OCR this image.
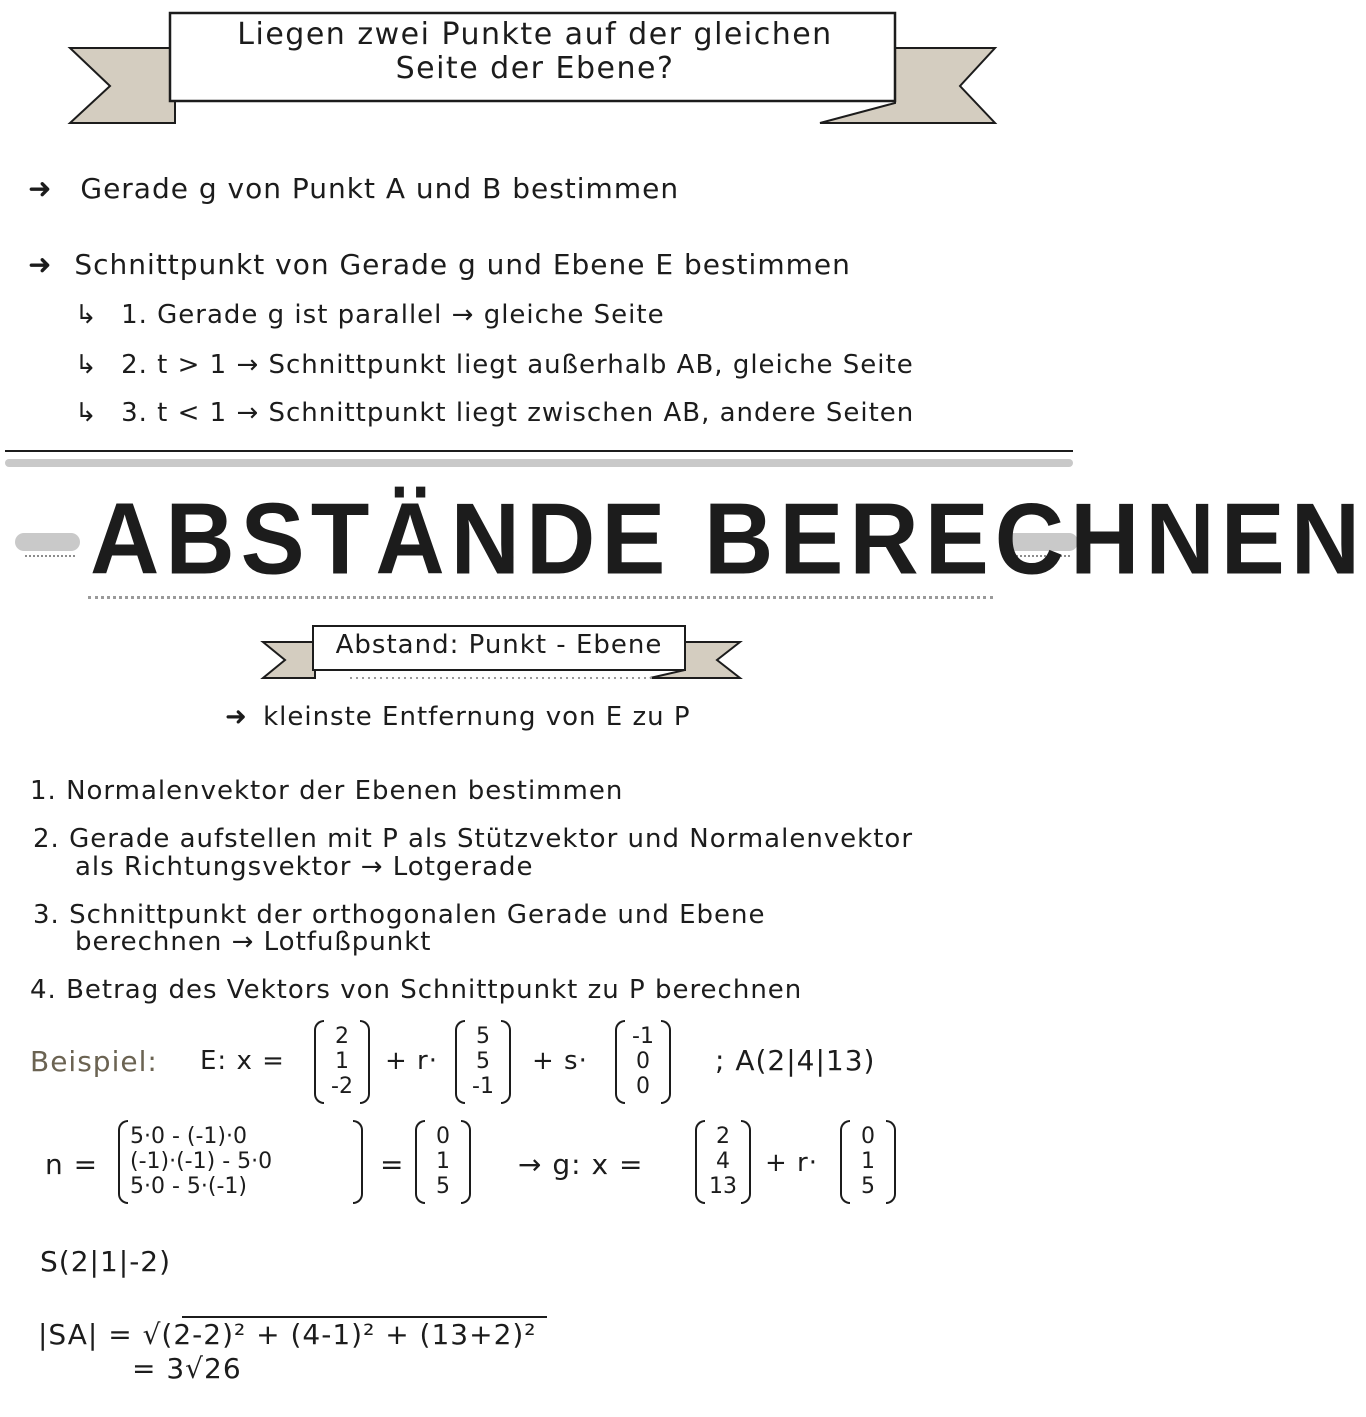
Liegen zwei Punkte auf der gleichen
Seite der Ebene?
➜ Gerade g von Punkt A und B bestimmen
➜ Schnittpunkt von Gerade g und Ebene E bestimmen
↳ 1. Gerade g ist parallel → gleiche Seite
↳ 2. t > 1 → Schnittpunkt liegt außerhalb AB, gleiche Seite
↳ 3. t < 1 → Schnittpunkt liegt zwischen AB, andere Seiten
ABSTÄNDE BERECHNEN
Abstand: Punkt - Ebene
➜ kleinste Entfernung von E zu P
1. Normalenvektor der Ebenen bestimmen
2. Gerade aufstellen mit P als Stützvektor und Normalenvektor
als Richtungsvektor → Lotgerade
3. Schnittpunkt der orthogonalen Gerade und Ebene
berechnen → Lotfußpunkt
4. Betrag des Vektors von Schnittpunkt zu P berechnen
Beispiel: E: x =
2
1
-2
+ r·
5
5
-1
+ s·
-1
0
0
; A(2|4|13)
n =
5·0 - (-1)·0
(-1)·(-1) - 5·0
5·0 - 5·(-1)
=
0
1
5
→ g: x =
2
4
13
+ r·
0
1
5
S(2|1|-2)
|SA| = √(2-2)² + (4-1)² + (13+2)²
= 3√26
